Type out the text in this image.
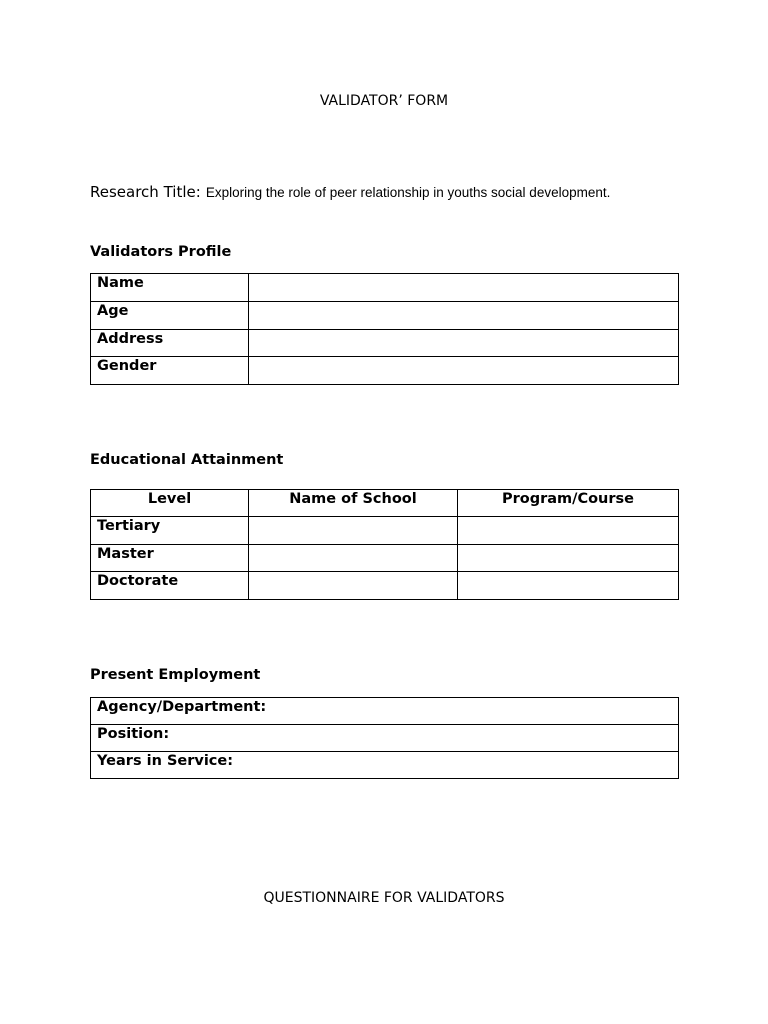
VALIDATOR’ FORM
Research Title: Exploring the role of peer relationship in youths social development.
Validators Profile
Name	
Age	
Address	
Gender	
Educational Attainment
Level	Name of School	Program/Course
Tertiary		
Master		
Doctorate		
Present Employment
Agency/Department:
Position:
Years in Service:
QUESTIONNAIRE FOR VALIDATORS
